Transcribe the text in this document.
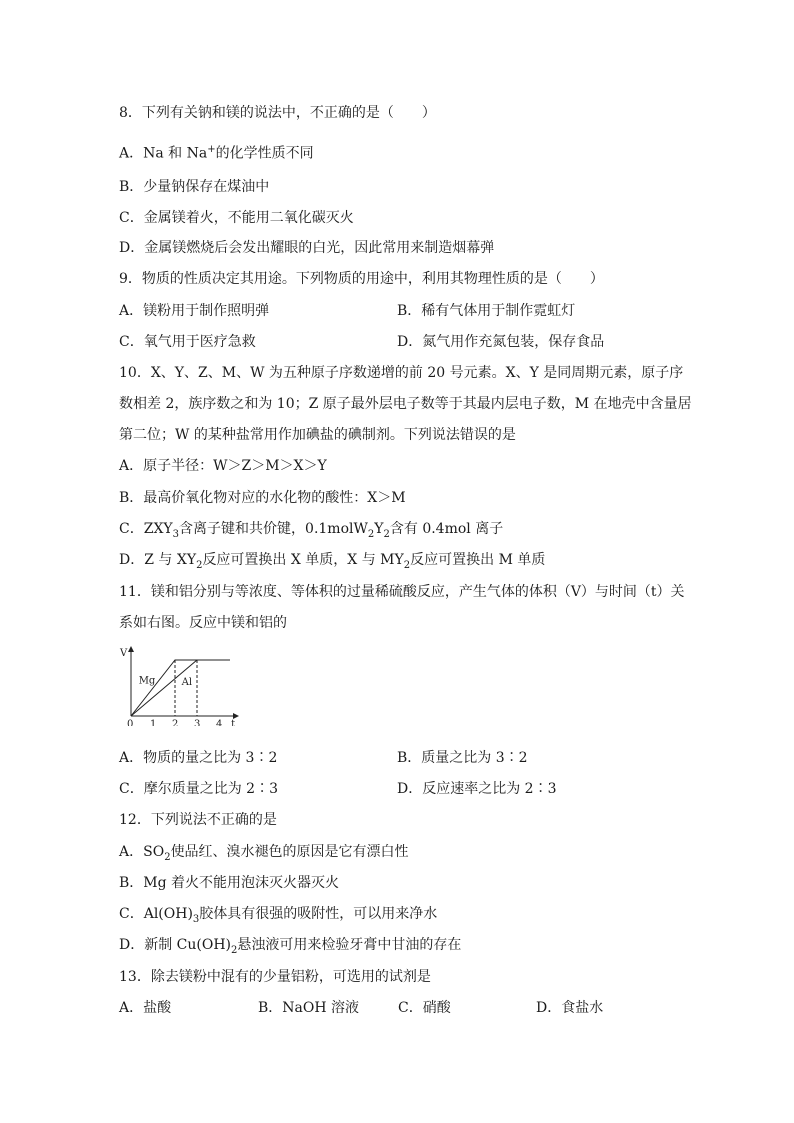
8．下列有关钠和镁的说法中，不正确的是（　　）
A．Na 和 Na+的化学性质不同
B．少量钠保存在煤油中
C．金属镁着火，不能用二氧化碳灭火
D．金属镁燃烧后会发出耀眼的白光，因此常用来制造烟幕弹
9．物质的性质决定其用途。下列物质的用途中，利用其物理性质的是（　　）
A．镁粉用于制作照明弹	B．稀有气体用于制作霓虹灯
C．氧气用于医疗急救	D．氮气用作充氮包装，保存食品
10．X、Y、Z、M、W 为五种原子序数递增的前 20 号元素。X、Y 是同周期元素，原子序
数相差 2，族序数之和为 10；Z 原子最外层电子数等于其最内层电子数，M 在地壳中含量居
第二位；W 的某种盐常用作加碘盐的碘制剂。下列说法错误的是
A．原子半径：W＞Z＞M＞X＞Y
B．最高价氧化物对应的水化物的酸性：X＞M
C．$ZXY_3$含离子键和共价键，$0.1molW_2Y_2$含有 0.4mol 离子
D．Z 与 $XY_2$反应可置换出 X 单质，X 与 $MY_2$反应可置换出 M 单质
11．镁和铝分别与等浓度、等体积的过量稀硫酸反应，产生气体的体积（V）与时间（t）关
系如右图。反应中镁和铝的
V
Mg	Al
0 1 2 3 4 t
A．物质的量之比为 3∶2	B．质量之比为 3∶2
C．摩尔质量之比为 2∶3	D．反应速率之比为 2∶3
12．下列说法不正确的是
A．$SO_2$使品红、溴水褪色的原因是它有漂白性
B．Mg 着火不能用泡沫灭火器灭火
C．$Al(OH)_3$胶体具有很强的吸附性，可以用来净水
D．新制 $Cu(OH)_2$悬浊液可用来检验牙膏中甘油的存在
13．除去镁粉中混有的少量铝粉，可选用的试剂是
A．盐酸	B．NaOH 溶液	C．硝酸	D．食盐水
